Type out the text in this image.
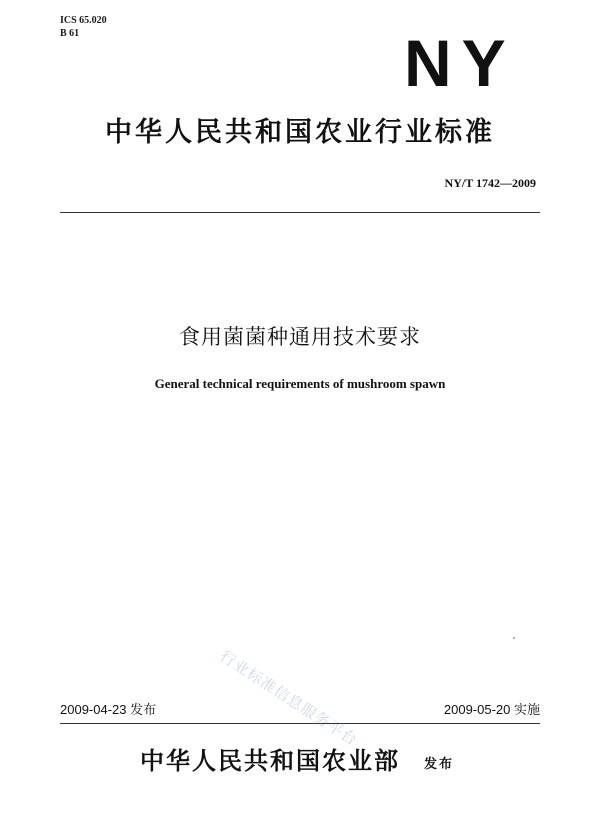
ICS 65.020
B 61	NY
中华人民共和国农业行业标准
NY/T 1742—2009
食用菌菌种通用技术要求
General technical requirements of mushroom spawn
行业标准信息服务平台
2009-04-23 发布	2009-05-20 实施
中华人民共和国农业部 发布
